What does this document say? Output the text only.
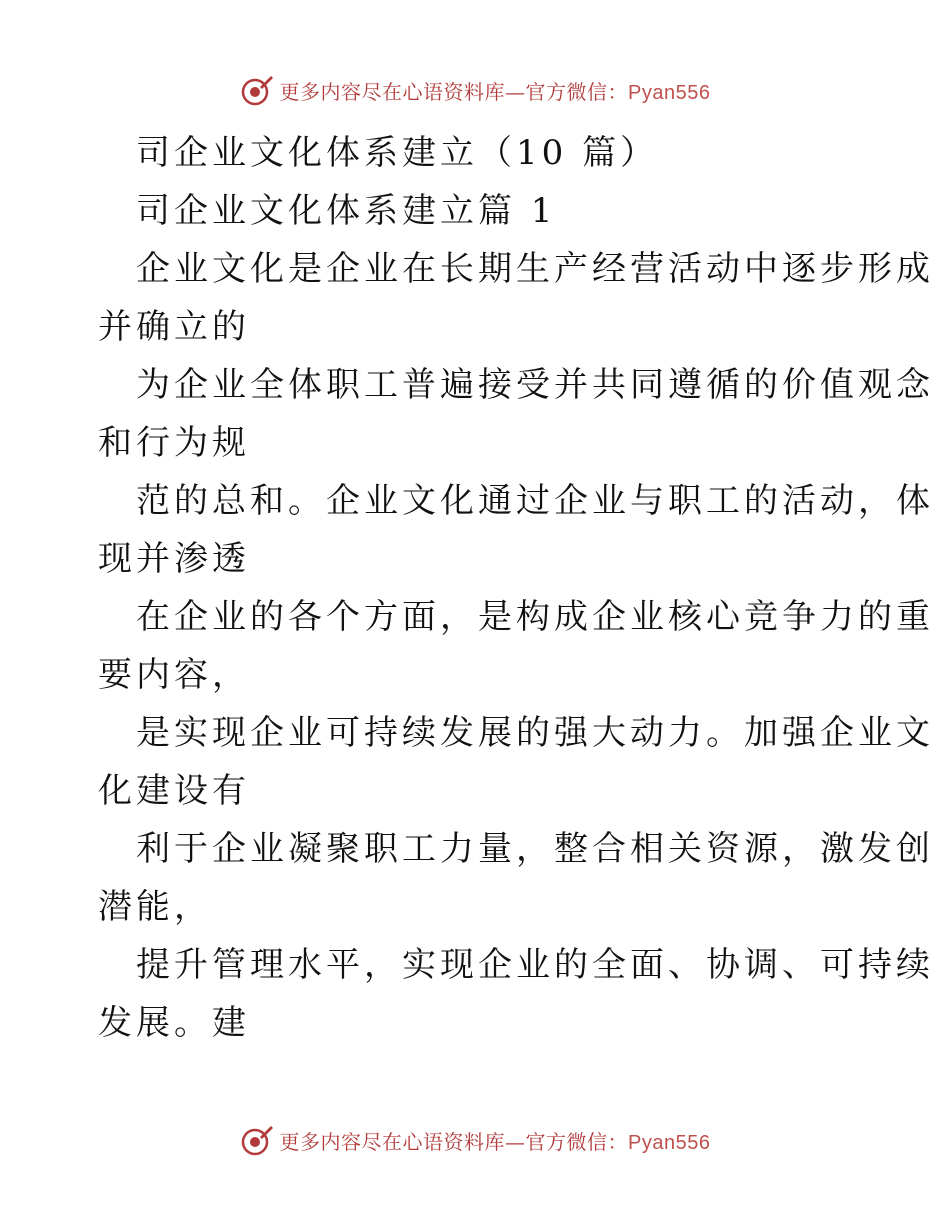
更多内容尽在心语资料库—官方微信：Pyan556
司企业文化体系建立（10 篇）
司企业文化体系建立篇 1
企业文化是企业在长期生产经营活动中逐步形成
并确立的
为企业全体职工普遍接受并共同遵循的价值观念
和行为规
范的总和。企业文化通过企业与职工的活动，体
现并渗透
在企业的各个方面，是构成企业核心竞争力的重
要内容，
是实现企业可持续发展的强大动力。加强企业文
化建设有
利于企业凝聚职工力量，整合相关资源，激发创
潜能，
提升管理水平，实现企业的全面、协调、可持续
发展。建
更多内容尽在心语资料库—官方微信：Pyan556
